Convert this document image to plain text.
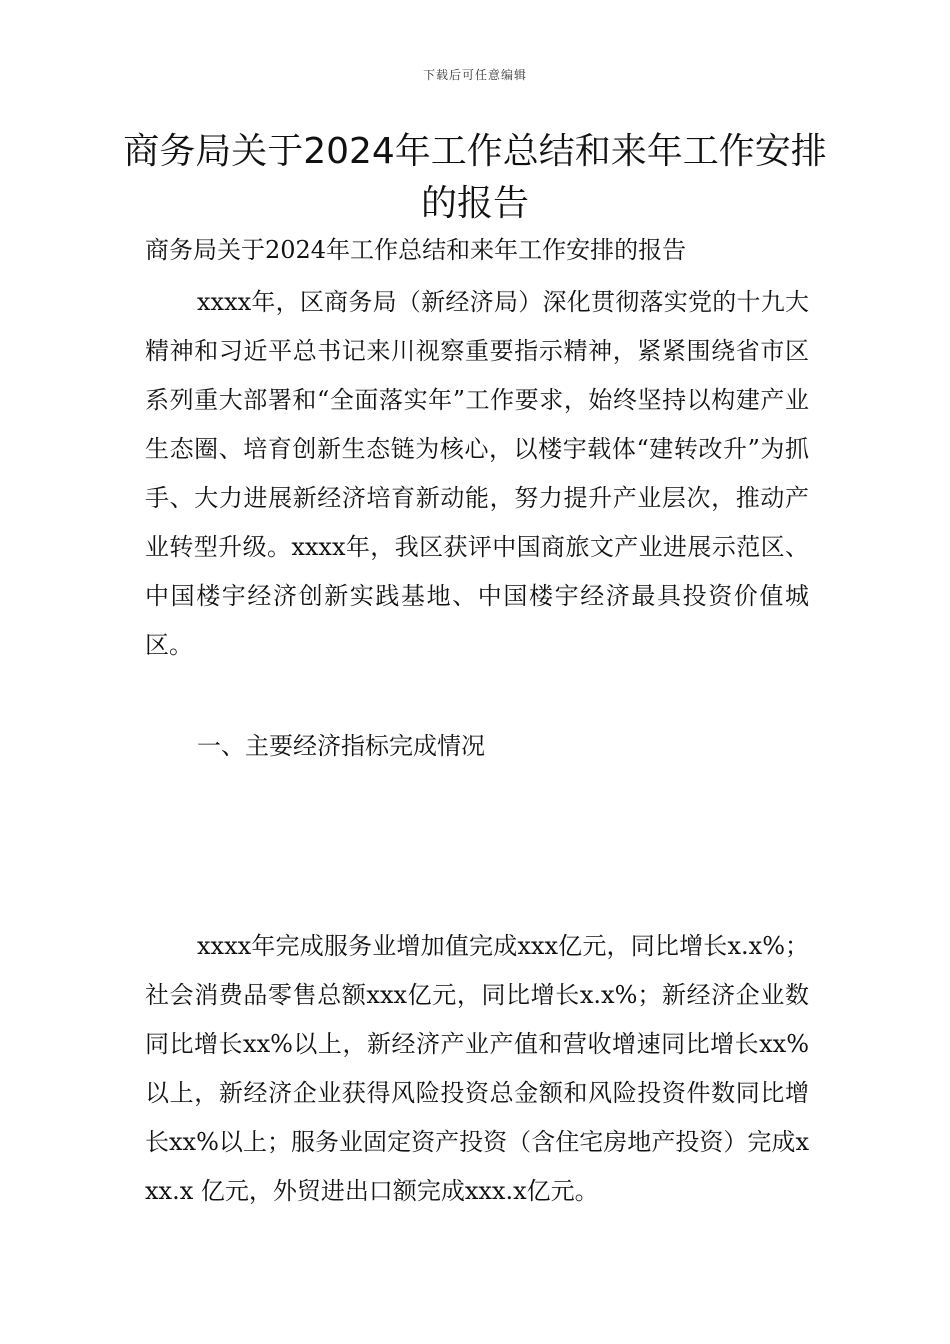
下载后可任意编辑
商务局关于2024年工作总结和来年工作安排的报告

商务局关于2024年工作总结和来年工作安排的报告

xxxx年，区商务局（新经济局）深化贯彻落实党的十九大精神和习近平总书记来川视察重要指示精神，紧紧围绕省市区系列重大部署和“全面落实年”工作要求，始终坚持以构建产业生态圈、培育创新生态链为核心，以楼宇载体“建转改升”为抓手、大力进展新经济培育新动能，努力提升产业层次，推动产业转型升级。xxxx年，我区获评中国商旅文产业进展示范区、中国楼宇经济创新实践基地、中国楼宇经济最具投资价值城区。

一、主要经济指标完成情况

xxxx年完成服务业增加值完成xxx亿元，同比增长x.x%；社会消费品零售总额xxx亿元，同比增长x.x%；新经济企业数同比增长xx%以上，新经济产业产值和营收增速同比增长xx%以上，新经济企业获得风险投资总金额和风险投资件数同比增长xx%以上；服务业固定资产投资（含住宅房地产投资）完成xxx.x 亿元，外贸进出口额完成xxx.x亿元。
